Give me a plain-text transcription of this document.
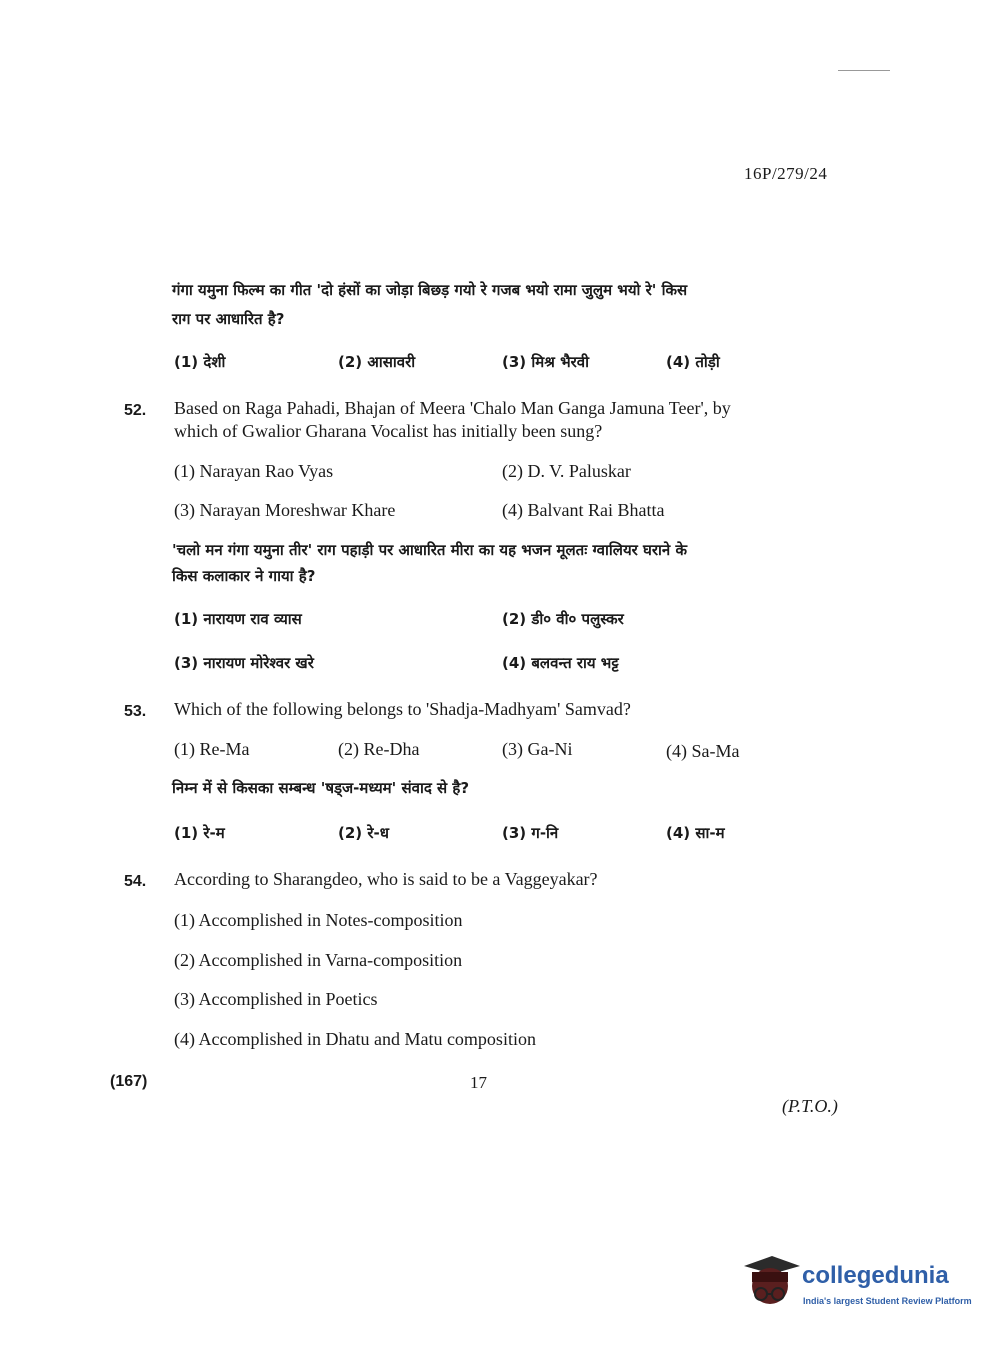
16P/279/24
गंगा यमुना फिल्म का गीत 'दो हंसों का जोड़ा बिछड़ गयो रे गजब भयो रामा जुलुम भयो रे' किस
राग पर आधारित है?
(1) देशी	(2) आसावरी	(3) मिश्र भैरवी	(4) तोड़ी
52. Based on Raga Pahadi, Bhajan of Meera 'Chalo Man Ganga Jamuna Teer', by
which of Gwalior Gharana Vocalist has initially been sung?
(1) Narayan Rao Vyas	(2) D. V. Paluskar
(3) Narayan Moreshwar Khare	(4) Balvant Rai Bhatta
'चलो मन गंगा यमुना तीर' राग पहाड़ी पर आधारित मीरा का यह भजन मूलतः ग्वालियर घराने के
किस कलाकार ने गाया है?
(1) नारायण राव व्यास	(2) डी० वी० पलुस्कर
(3) नारायण मोरेश्वर खरे	(4) बलवन्त राय भट्ट
53. Which of the following belongs to 'Shadja-Madhyam' Samvad?
(1) Re-Ma	(2) Re-Dha	(3) Ga-Ni	(4) Sa-Ma
निम्न में से किसका सम्बन्ध 'षड्ज-मध्यम' संवाद से है?
(1) रे-म	(2) रे-ध	(3) ग-नि	(4) सा-म
54. According to Sharangdeo, who is said to be a Vaggeyakar?
(1) Accomplished in Notes-composition
(2) Accomplished in Varna-composition
(3) Accomplished in Poetics
(4) Accomplished in Dhatu and Matu composition
(167)	17
(P.T.O.)
collegedunia
India's largest Student Review Platform
